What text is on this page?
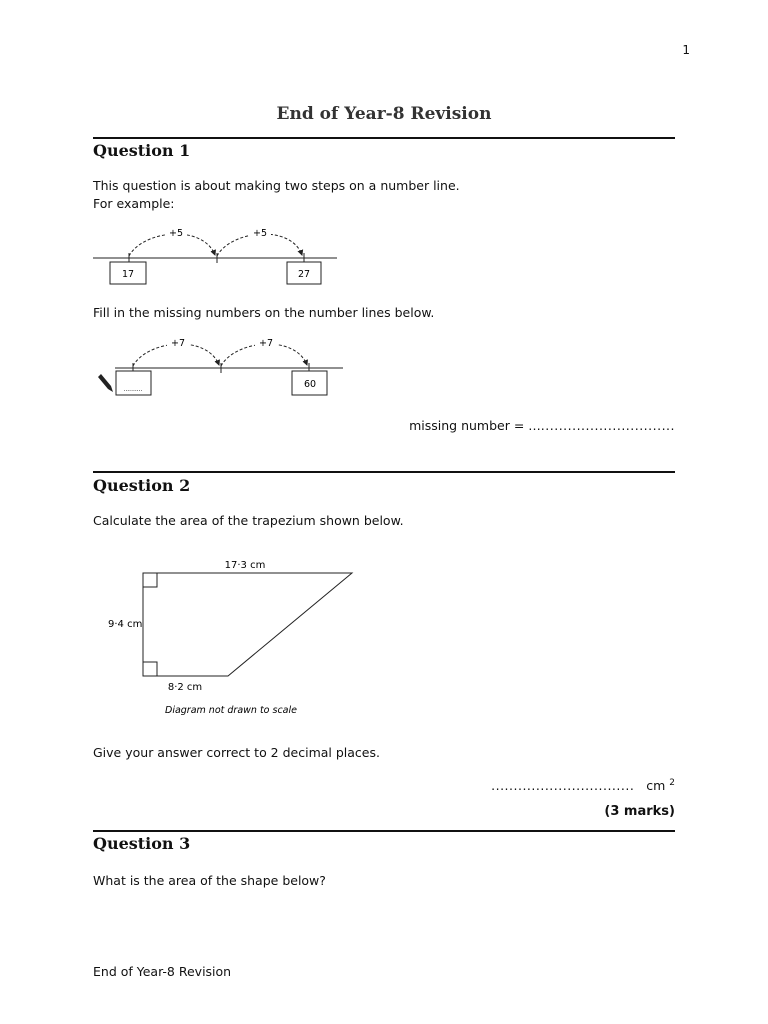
1
End of Year-8 Revision
Question 1
This question is about making two steps on a number line.
For example:
+5	+5
17	27
Fill in the missing numbers on the number lines below.
+7	+7
..........	60
missing number = …..............................
Question 2
Calculate the area of the trapezium shown below.
17·3 cm
9·4 cm
8·2 cm
Diagram not drawn to scale
Give your answer correct to 2 decimal places.
................................ cm $^2$
(3 marks)
Question 3
What is the area of the shape below?
End of Year-8 Revision
